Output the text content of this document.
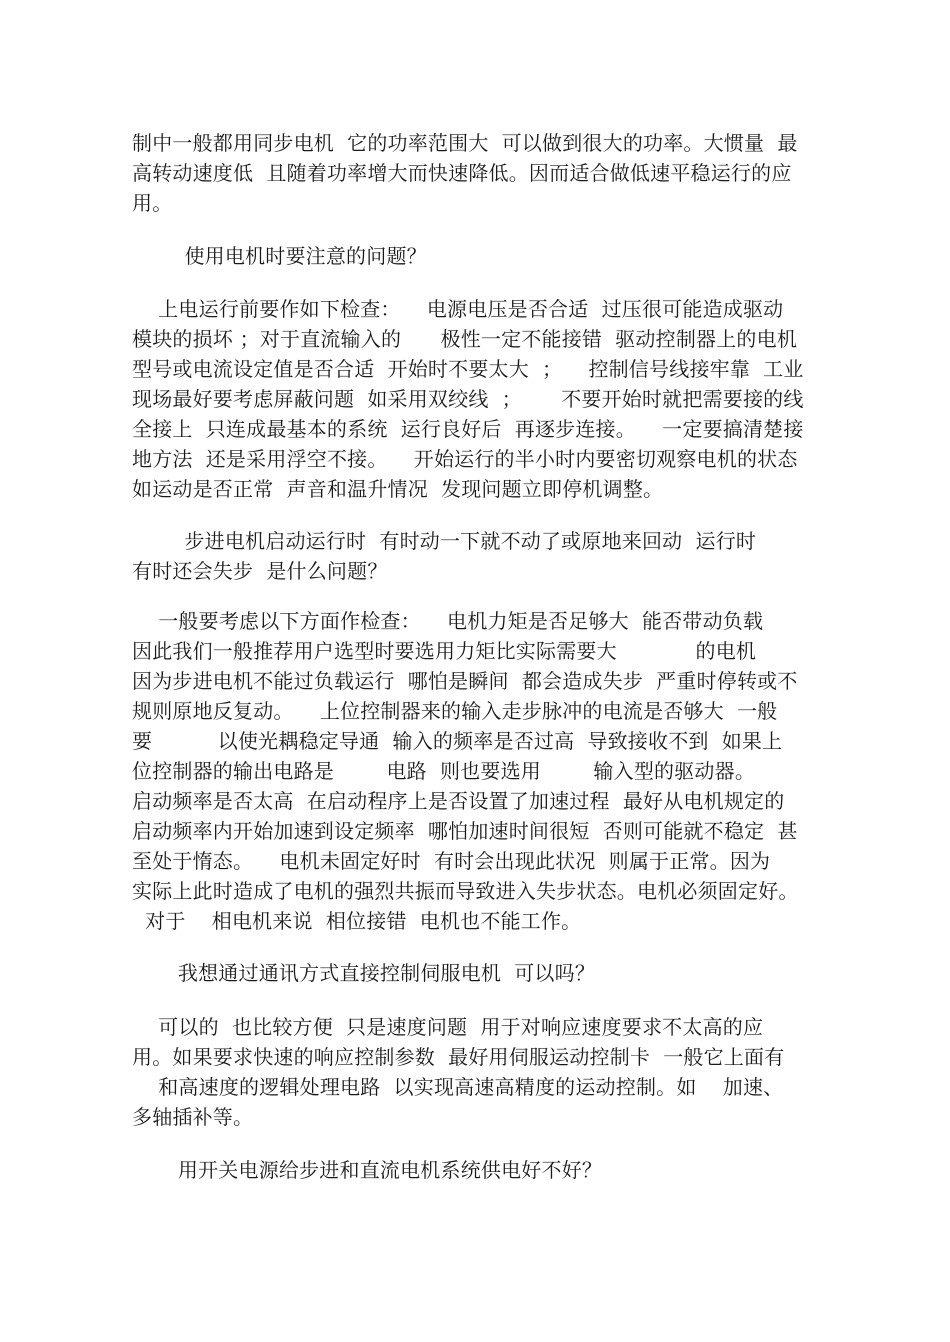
制中一般都用同步电机  它的功率范围大  可以做到很大的功率。大惯量  最
高转动速度低  且随着功率增大而快速降低。因而适合做低速平稳运行的应
用。
使用电机时要注意的问题？
上电运行前要作如下检查：    电源电压是否合适  过压很可能造成驱动
模块的损坏 ；对于直流输入的      极性一定不能接错  驱动控制器上的电机
型号或电流设定值是否合适  开始时不要太大  ；    控制信号线接牢靠  工业
现场最好要考虑屏蔽问题  如采用双绞线  ；      不要开始时就把需要接的线
全接上  只连成最基本的系统  运行良好后  再逐步连接。    一定要搞清楚接
地方法  还是采用浮空不接。    开始运行的半小时内要密切观察电机的状态
如运动是否正常  声音和温升情况  发现问题立即停机调整。
步进电机启动运行时  有时动一下就不动了或原地来回动  运行时
有时还会失步  是什么问题？
一般要考虑以下方面作检查：    电机力矩是否足够大  能否带动负载
因此我们一般推荐用户选型时要选用力矩比实际需要大            的电机
因为步进电机不能过负载运行  哪怕是瞬间  都会造成失步  严重时停转或不
规则原地反复动。    上位控制器来的输入走步脉冲的电流是否够大  一般
要          以使光耦稳定导通  输入的频率是否过高  导致接收不到  如果上
位控制器的输出电路是        电路  则也要选用        输入型的驱动器。
启动频率是否太高  在启动程序上是否设置了加速过程  最好从电机规定的
启动频率内开始加速到设定频率  哪怕加速时间很短  否则可能就不稳定  甚
至处于惰态。    电机未固定好时  有时会出现此状况  则属于正常。因为
实际上此时造成了电机的强烈共振而导致进入失步状态。电机必须固定好。
对于    相电机来说  相位接错  电机也不能工作。
我想通过通讯方式直接控制伺服电机  可以吗？
可以的  也比较方便  只是速度问题  用于对响应速度要求不太高的应
用。如果要求快速的响应控制参数  最好用伺服运动控制卡  一般它上面有
和高速度的逻辑处理电路  以实现高速高精度的运动控制。如    加速、
多轴插补等。
用开关电源给步进和直流电机系统供电好不好？
